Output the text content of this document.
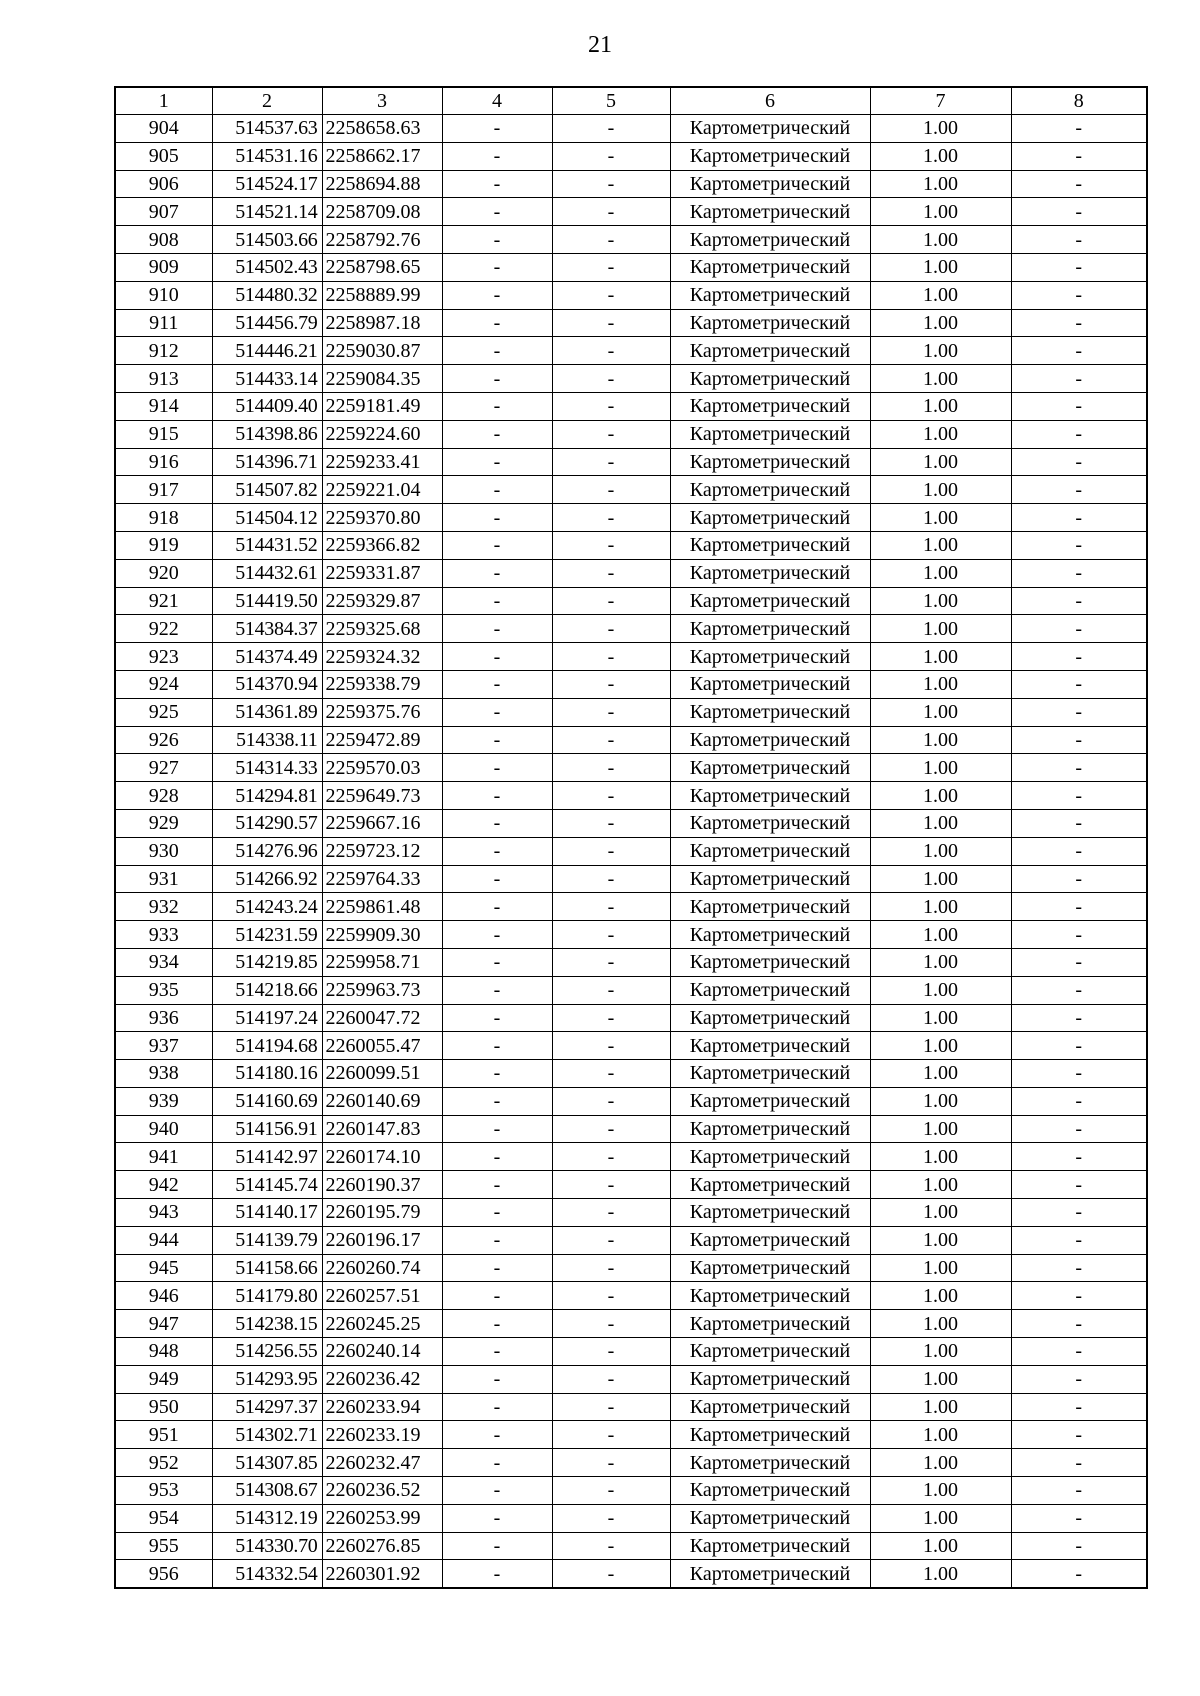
21
1	2	3	4	5	6	7	8
904	514537.63	2258658.63	-	-	Картометрический	1.00	-
905	514531.16	2258662.17	-	-	Картометрический	1.00	-
906	514524.17	2258694.88	-	-	Картометрический	1.00	-
907	514521.14	2258709.08	-	-	Картометрический	1.00	-
908	514503.66	2258792.76	-	-	Картометрический	1.00	-
909	514502.43	2258798.65	-	-	Картометрический	1.00	-
910	514480.32	2258889.99	-	-	Картометрический	1.00	-
911	514456.79	2258987.18	-	-	Картометрический	1.00	-
912	514446.21	2259030.87	-	-	Картометрический	1.00	-
913	514433.14	2259084.35	-	-	Картометрический	1.00	-
914	514409.40	2259181.49	-	-	Картометрический	1.00	-
915	514398.86	2259224.60	-	-	Картометрический	1.00	-
916	514396.71	2259233.41	-	-	Картометрический	1.00	-
917	514507.82	2259221.04	-	-	Картометрический	1.00	-
918	514504.12	2259370.80	-	-	Картометрический	1.00	-
919	514431.52	2259366.82	-	-	Картометрический	1.00	-
920	514432.61	2259331.87	-	-	Картометрический	1.00	-
921	514419.50	2259329.87	-	-	Картометрический	1.00	-
922	514384.37	2259325.68	-	-	Картометрический	1.00	-
923	514374.49	2259324.32	-	-	Картометрический	1.00	-
924	514370.94	2259338.79	-	-	Картометрический	1.00	-
925	514361.89	2259375.76	-	-	Картометрический	1.00	-
926	514338.11	2259472.89	-	-	Картометрический	1.00	-
927	514314.33	2259570.03	-	-	Картометрический	1.00	-
928	514294.81	2259649.73	-	-	Картометрический	1.00	-
929	514290.57	2259667.16	-	-	Картометрический	1.00	-
930	514276.96	2259723.12	-	-	Картометрический	1.00	-
931	514266.92	2259764.33	-	-	Картометрический	1.00	-
932	514243.24	2259861.48	-	-	Картометрический	1.00	-
933	514231.59	2259909.30	-	-	Картометрический	1.00	-
934	514219.85	2259958.71	-	-	Картометрический	1.00	-
935	514218.66	2259963.73	-	-	Картометрический	1.00	-
936	514197.24	2260047.72	-	-	Картометрический	1.00	-
937	514194.68	2260055.47	-	-	Картометрический	1.00	-
938	514180.16	2260099.51	-	-	Картометрический	1.00	-
939	514160.69	2260140.69	-	-	Картометрический	1.00	-
940	514156.91	2260147.83	-	-	Картометрический	1.00	-
941	514142.97	2260174.10	-	-	Картометрический	1.00	-
942	514145.74	2260190.37	-	-	Картометрический	1.00	-
943	514140.17	2260195.79	-	-	Картометрический	1.00	-
944	514139.79	2260196.17	-	-	Картометрический	1.00	-
945	514158.66	2260260.74	-	-	Картометрический	1.00	-
946	514179.80	2260257.51	-	-	Картометрический	1.00	-
947	514238.15	2260245.25	-	-	Картометрический	1.00	-
948	514256.55	2260240.14	-	-	Картометрический	1.00	-
949	514293.95	2260236.42	-	-	Картометрический	1.00	-
950	514297.37	2260233.94	-	-	Картометрический	1.00	-
951	514302.71	2260233.19	-	-	Картометрический	1.00	-
952	514307.85	2260232.47	-	-	Картометрический	1.00	-
953	514308.67	2260236.52	-	-	Картометрический	1.00	-
954	514312.19	2260253.99	-	-	Картометрический	1.00	-
955	514330.70	2260276.85	-	-	Картометрический	1.00	-
956	514332.54	2260301.92	-	-	Картометрический	1.00	-
